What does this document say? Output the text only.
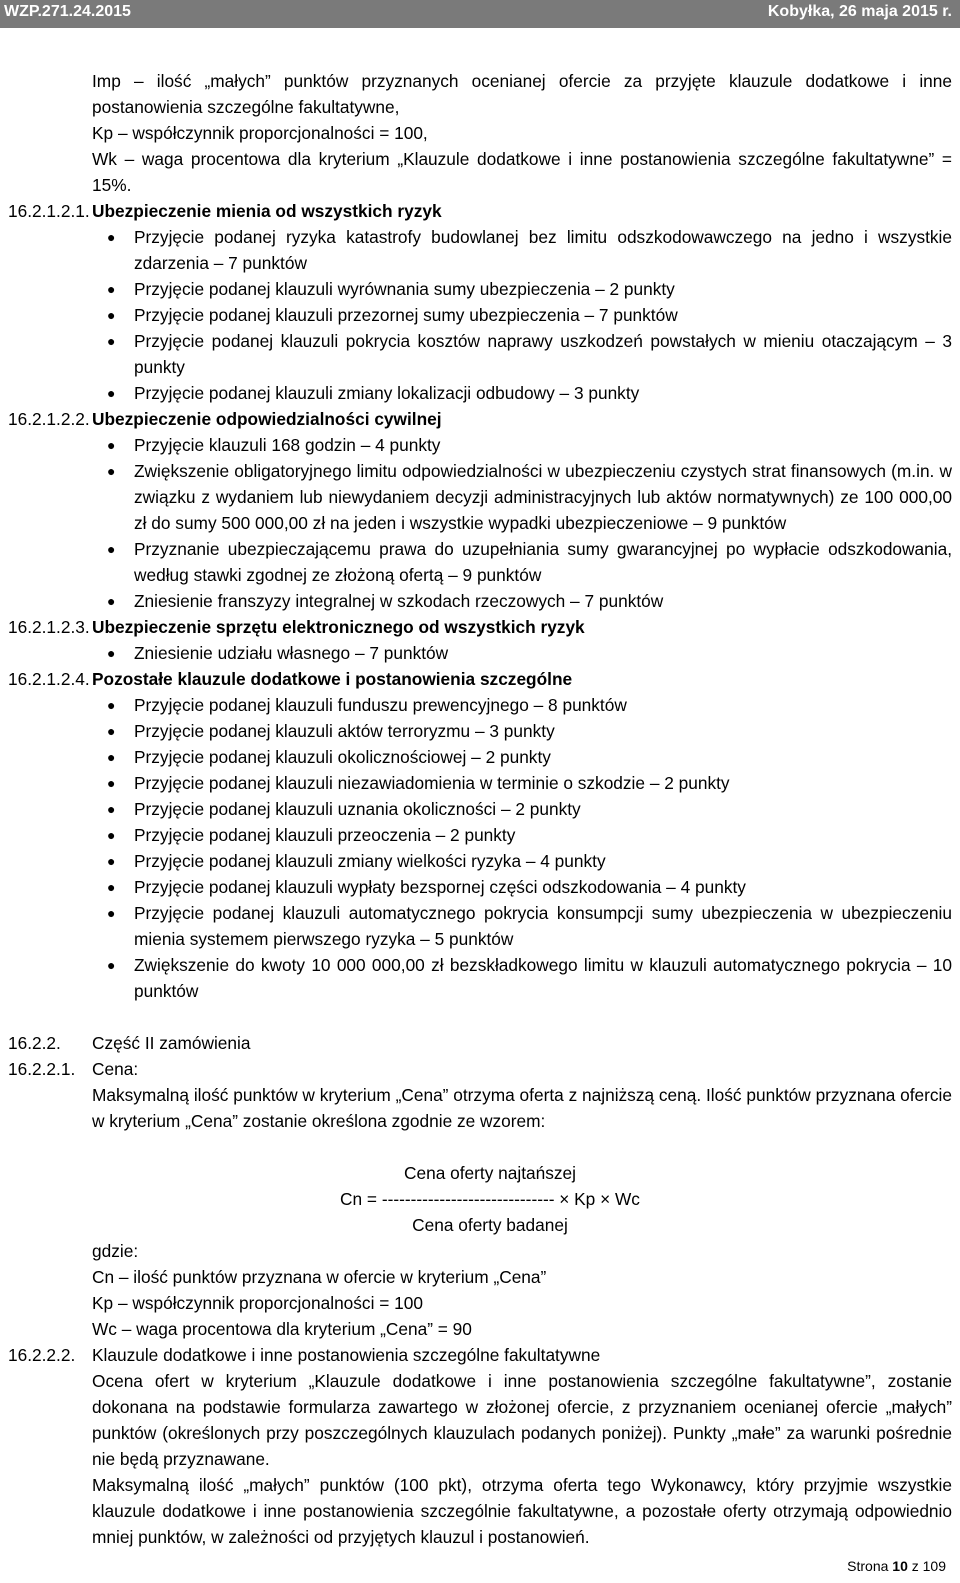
WZP.271.24.2015	Kobyłka, 26 maja 2015 r.

Imp – ilość „małych” punktów przyznanych ocenianej ofercie za przyjęte klauzule dodatkowe i inne postanowienia szczególne fakultatywne,

Kp – współczynnik proporcjonalności = 100,

Wk – waga procentowa dla kryterium „Klauzule dodatkowe i inne postanowienia szczególne fakultatywne” = 15%.

16.2.1.2.1. Ubezpieczenie mienia od wszystkich ryzyk

● Przyjęcie podanej ryzyka katastrofy budowlanej bez limitu odszkodowawczego na jedno i wszystkie zdarzenia – 7 punktów
● Przyjęcie podanej klauzuli wyrównania sumy ubezpieczenia – 2 punkty
● Przyjęcie podanej klauzuli przezornej sumy ubezpieczenia – 7 punktów
● Przyjęcie podanej klauzuli pokrycia kosztów naprawy uszkodzeń powstałych w mieniu otaczającym – 3 punkty
● Przyjęcie podanej klauzuli zmiany lokalizacji odbudowy – 3 punkty

16.2.1.2.2. Ubezpieczenie odpowiedzialności cywilnej

● Przyjęcie klauzuli 168 godzin – 4 punkty
● Zwiększenie obligatoryjnego limitu odpowiedzialności w ubezpieczeniu czystych strat finansowych (m.in. w związku z wydaniem lub niewydaniem decyzji administracyjnych lub aktów normatywnych) ze 100 000,00 zł do sumy 500 000,00 zł na jeden i wszystkie wypadki ubezpieczeniowe – 9 punktów
● Przyznanie ubezpieczającemu prawa do uzupełniania sumy gwarancyjnej po wypłacie odszkodowania, według stawki zgodnej ze złożoną ofertą – 9 punktów
● Zniesienie franszyzy integralnej w szkodach rzeczowych – 7 punktów

16.2.1.2.3. Ubezpieczenie sprzętu elektronicznego od wszystkich ryzyk

● Zniesienie udziału własnego – 7 punktów

16.2.1.2.4. Pozostałe klauzule dodatkowe i postanowienia szczególne

● Przyjęcie podanej klauzuli funduszu prewencyjnego – 8 punktów
● Przyjęcie podanej klauzuli aktów terroryzmu – 3 punkty
● Przyjęcie podanej klauzuli okolicznościowej – 2 punkty
● Przyjęcie podanej klauzuli niezawiadomienia w terminie o szkodzie – 2 punkty
● Przyjęcie podanej klauzuli uznania okoliczności – 2 punkty
● Przyjęcie podanej klauzuli przeoczenia – 2 punkty
● Przyjęcie podanej klauzuli zmiany wielkości ryzyka – 4 punkty
● Przyjęcie podanej klauzuli wypłaty bezspornej części odszkodowania – 4 punkty
● Przyjęcie podanej klauzuli automatycznego pokrycia konsumpcji sumy ubezpieczenia w ubezpieczeniu mienia systemem pierwszego ryzyka – 5 punktów
● Zwiększenie do kwoty 10 000 000,00 zł bezskładkowego limitu w klauzuli automatycznego pokrycia – 10 punktów

16.2.2. Część II zamówienia

16.2.2.1. Cena:

Maksymalną ilość punktów w kryterium „Cena” otrzyma oferta z najniższą ceną. Ilość punktów przyznana ofercie w kryterium „Cena” zostanie określona zgodnie ze wzorem:

Cena oferty najtańszej

Cn = ------------------------------ × Kp × Wc

Cena oferty badanej

gdzie:

Cn – ilość punktów przyznana w ofercie w kryterium „Cena”

Kp – współczynnik proporcjonalności = 100

Wc – waga procentowa dla kryterium „Cena” = 90

16.2.2.2. Klauzule dodatkowe i inne postanowienia szczególne fakultatywne

Ocena ofert w kryterium „Klauzule dodatkowe i inne postanowienia szczególne fakultatywne”, zostanie dokonana na podstawie formularza zawartego w złożonej ofercie, z przyznaniem ocenianej ofercie „małych” punktów (określonych przy poszczególnych klauzulach podanych poniżej). Punkty „małe” za warunki pośrednie nie będą przyznawane.

Maksymalną ilość „małych” punktów (100 pkt), otrzyma oferta tego Wykonawcy, który przyjmie wszystkie klauzule dodatkowe i inne postanowienia szczególnie fakultatywne, a pozostałe oferty otrzymają odpowiednio mniej punktów, w zależności od przyjętych klauzul i postanowień.

Strona 10 z 109
